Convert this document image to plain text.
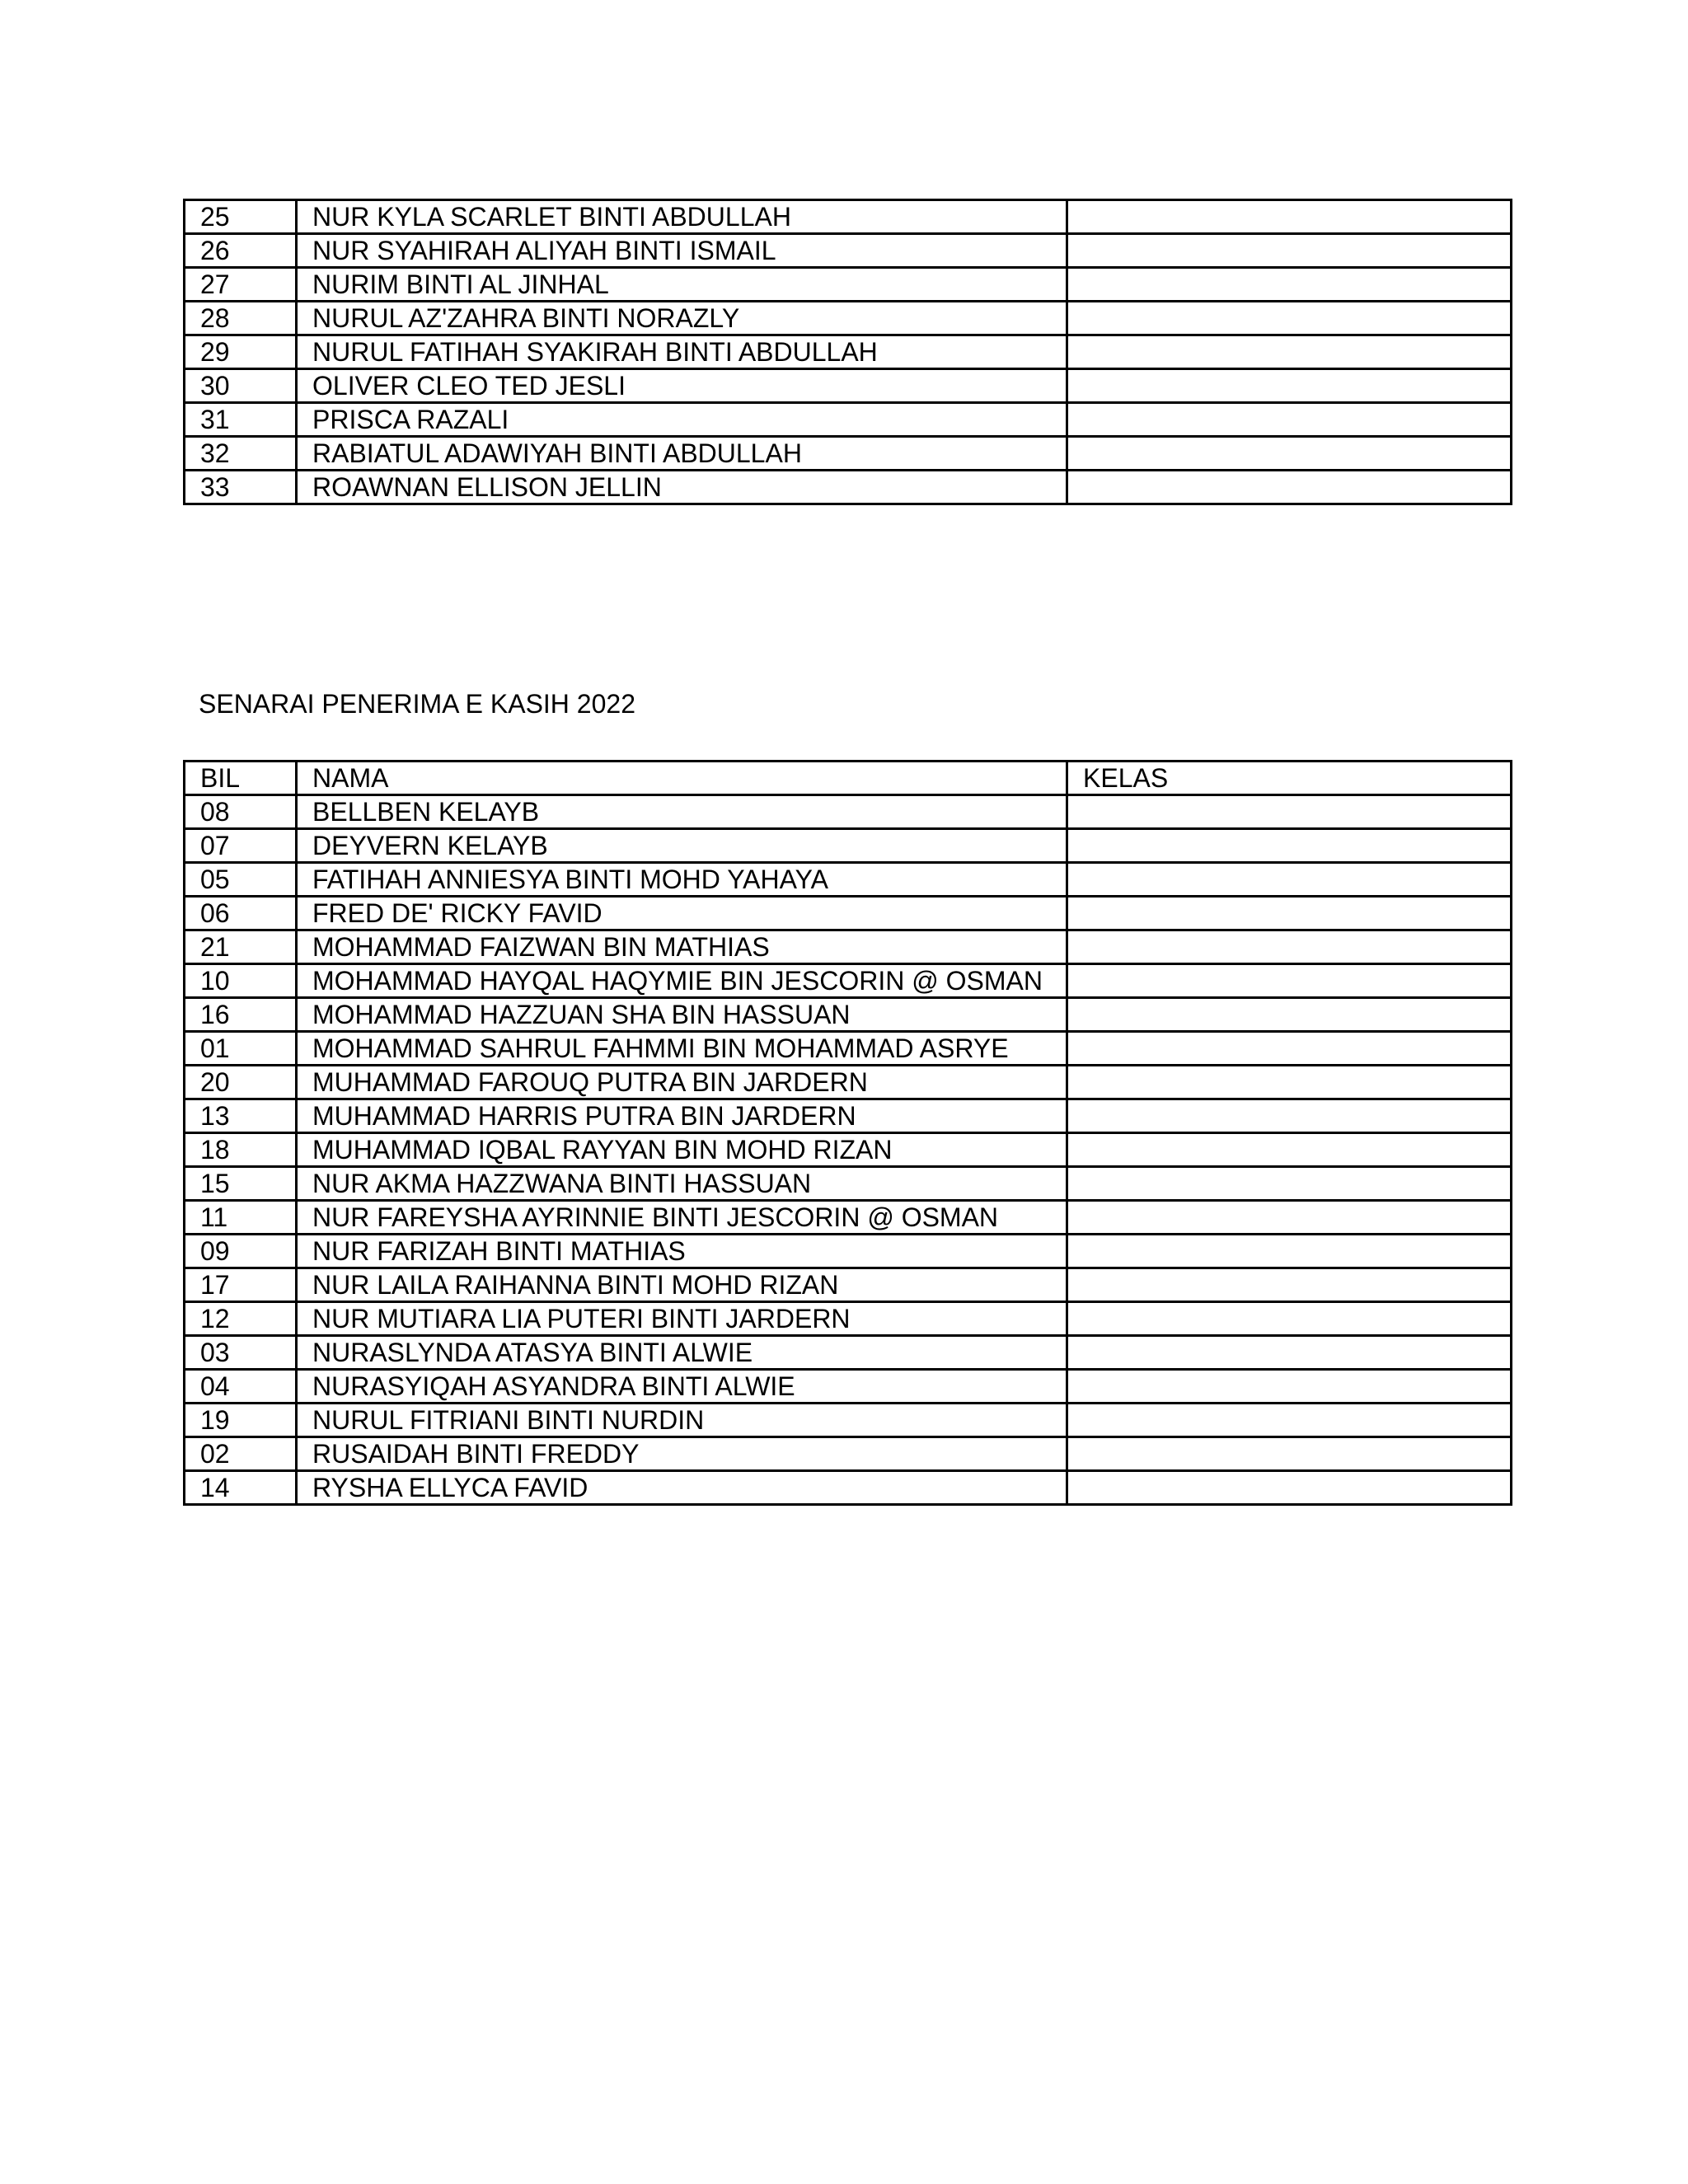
25	NUR KYLA SCARLET BINTI ABDULLAH	
26	NUR SYAHIRAH ALIYAH BINTI ISMAIL	
27	NURIM BINTI AL JINHAL	
28	NURUL AZ'ZAHRA BINTI NORAZLY	
29	NURUL FATIHAH SYAKIRAH BINTI ABDULLAH	
30	OLIVER CLEO TED JESLI	
31	PRISCA RAZALI	
32	RABIATUL ADAWIYAH BINTI ABDULLAH	
33	ROAWNAN ELLISON JELLIN	
SENARAI PENERIMA E KASIH 2022
BIL	NAMA	KELAS
08	BELLBEN KELAYB	
07	DEYVERN KELAYB	
05	FATIHAH ANNIESYA BINTI MOHD YAHAYA	
06	FRED DE' RICKY FAVID	
21	MOHAMMAD FAIZWAN BIN MATHIAS	
10	MOHAMMAD HAYQAL HAQYMIE BIN JESCORIN @ OSMAN	
16	MOHAMMAD HAZZUAN SHA BIN HASSUAN	
01	MOHAMMAD SAHRUL FAHMMI BIN MOHAMMAD ASRYE	
20	MUHAMMAD FAROUQ PUTRA BIN JARDERN	
13	MUHAMMAD HARRIS PUTRA BIN JARDERN	
18	MUHAMMAD IQBAL RAYYAN BIN MOHD RIZAN	
15	NUR AKMA HAZZWANA BINTI HASSUAN	
11	NUR FAREYSHA AYRINNIE BINTI JESCORIN @ OSMAN	
09	NUR FARIZAH BINTI MATHIAS	
17	NUR LAILA RAIHANNA BINTI MOHD RIZAN	
12	NUR MUTIARA LIA PUTERI BINTI JARDERN	
03	NURASLYNDA ATASYA BINTI ALWIE	
04	NURASYIQAH ASYANDRA BINTI ALWIE	
19	NURUL FITRIANI BINTI NURDIN	
02	RUSAIDAH BINTI FREDDY	
14	RYSHA ELLYCA FAVID	
